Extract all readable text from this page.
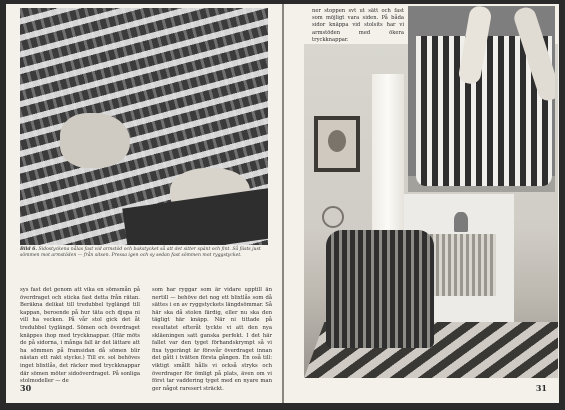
Bild 6. Sidostyckena nålas fast vid armstöd och bakstycket så att det sitter spänt och fint. Så fästs just sömmen mot armstöden — från sitsen. Pressa igen och sy sedan fast sömmen mot ryggstycket.
sys fast det genom att vika en sömsmån på överdraget och sticka fast detta från rätan. Beräkna delikat till tredubbel tyglängd till kappan, beroende på hur täta och djupa ni vill ha vecken. På vår stol gick det åt tredubbel tyglängd. Sömen och överdraget knäppes ihop med tryckknappar. (Här möts de på sidorna, i många fall är det lättare att ha sömmen på framsidan då sömen blir nästan ett rakt stycke.) Till ev. sol behöves inget blixtlås, det räcker med tryckknappar där sömen möter sidoöverdraget. På sonliga stolmodeller — de
som har ryggar som är vidare upptill än nertill — behöve det nog ett blixtlås som då sättes i en av ryggstyckets längdsömmar. Så här ska då stolen färdig, eller nu ska den tägligt här knäpp. När ni tittade på resultatet efteråt tyckte vi att den nya skläeningen satt ganska perfekt. I det här fallet var den tyget förhandskrympt så vi fixa tygerängt är försvår överdraget innan det gått i tvätten första gången. En oså till: viktigt smållt hålls vi också stryks och överdrager för ömligt på plats, även om vi först tar vaddering tyget med en nyare man ger något raresert sträckt.
30
ner stoppen svt ut sätt och fast som möjligt vara siden. På båda sidor knäppa vid stolsits har vi armstöden med ökera tryckknappar.
31
